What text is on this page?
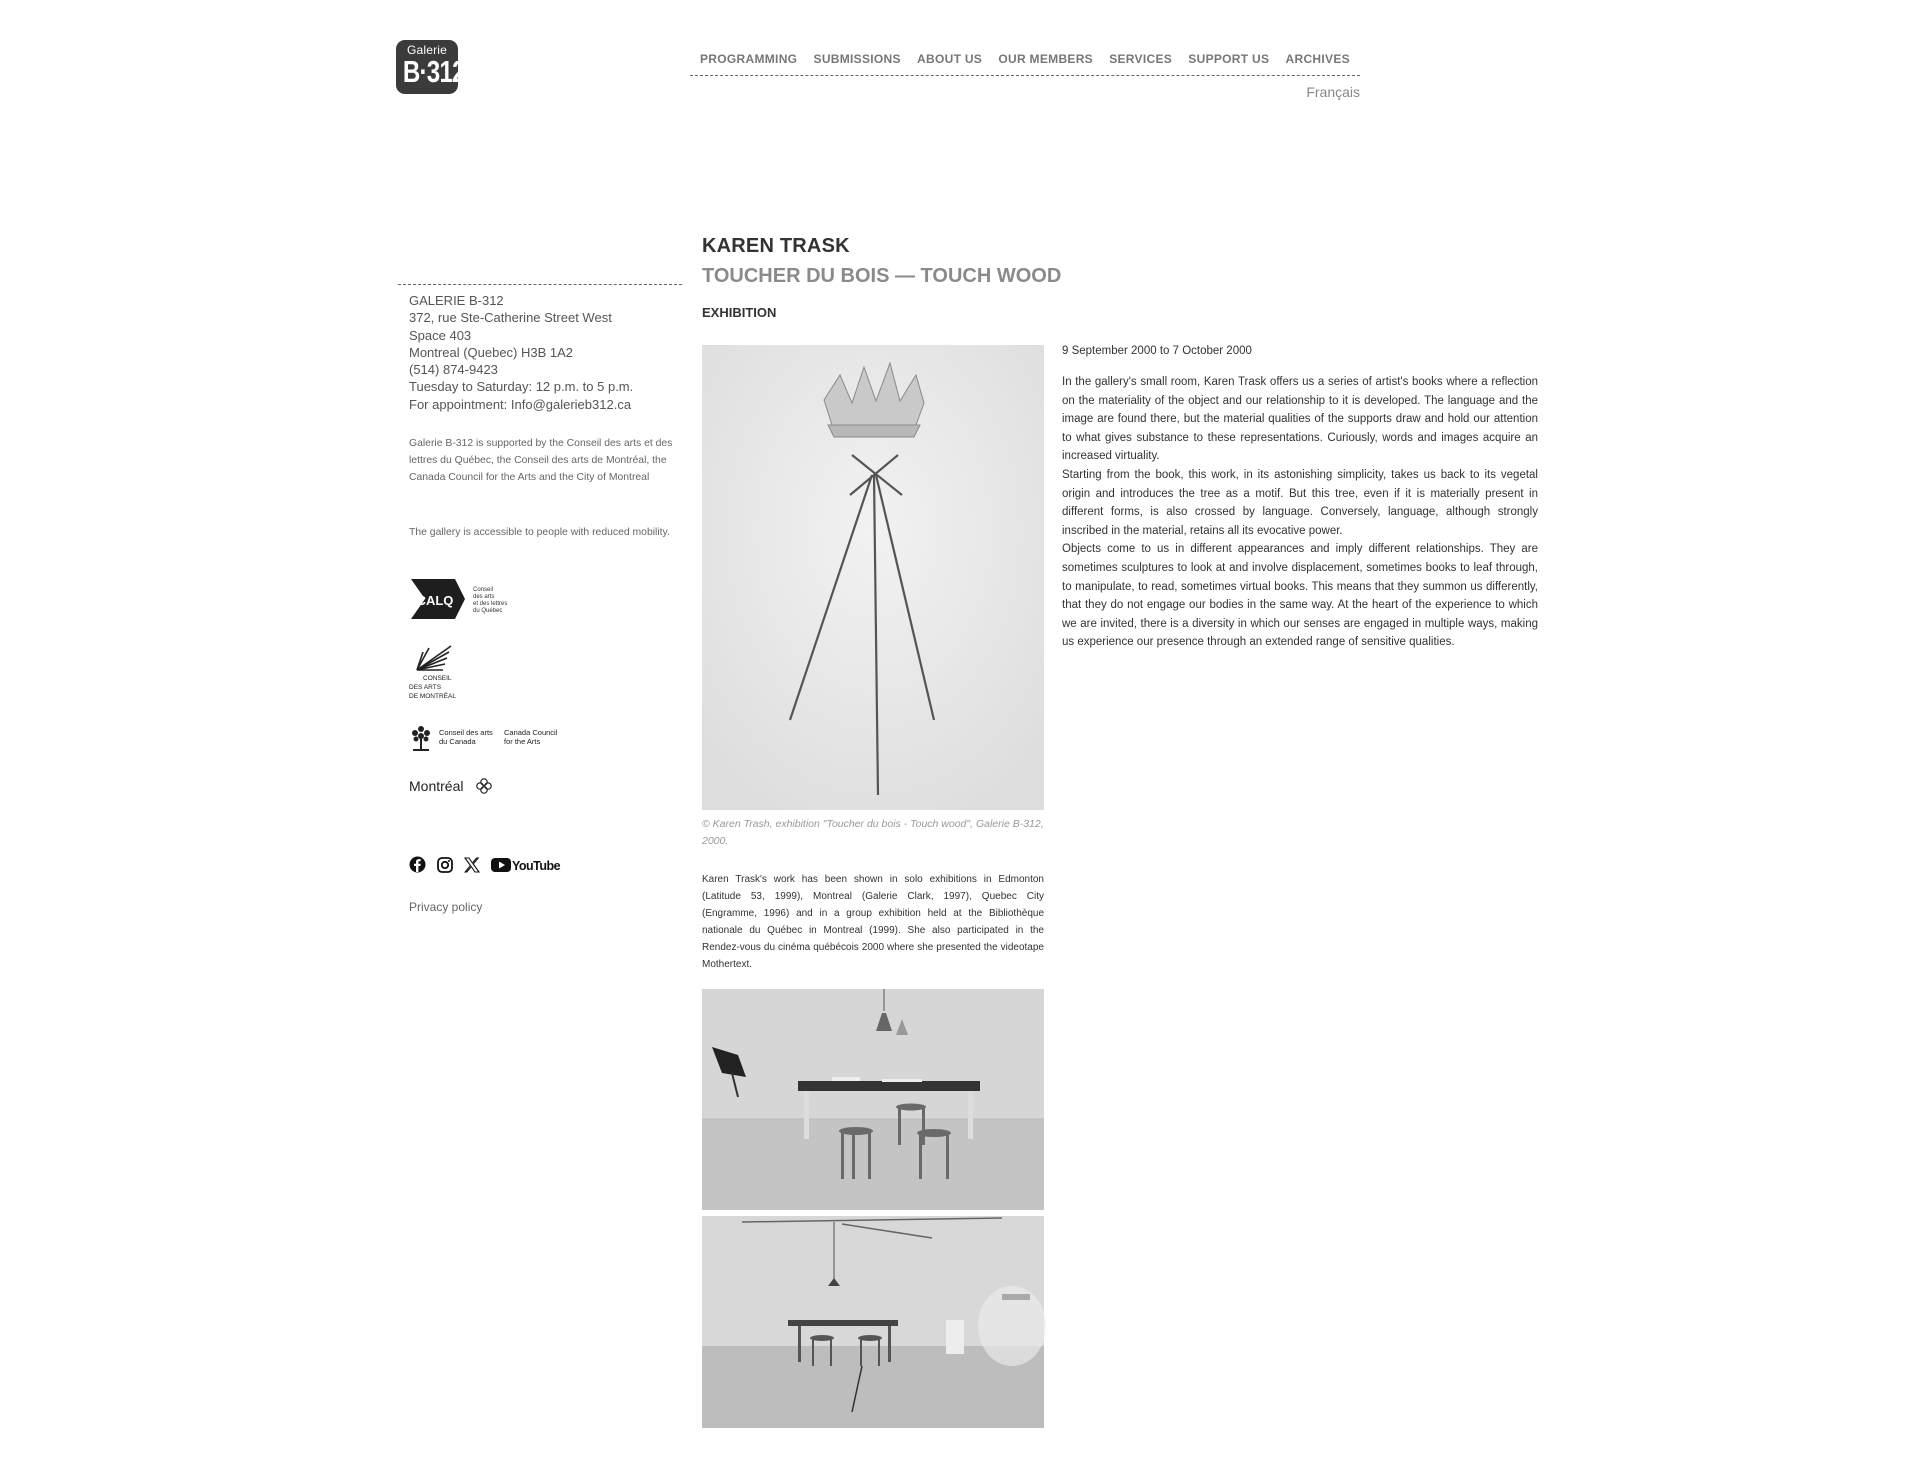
Galerie
B·312	PROGRAMMING SUBMISSIONS ABOUT US OUR MEMBERS SERVICES SUPPORT US ARCHIVES
Français
GALERIE B-312
372, rue Ste-Catherine Street West
Space 403
Montreal (Quebec) H3B 1A2
(514) 874-9423
Tuesday to Saturday: 12 p.m. to 5 p.m.
For appointment: Info@galerieb312.ca
Galerie B-312 is supported by the Conseil des arts et des lettres du Québec, the Conseil des arts de Montréal, the Canada Council for the Arts and the City of Montreal
The gallery is accessible to people with reduced mobility.
CALQ
Conseil
des arts
et des lettres
du Québec
CONSEIL
DES ARTS
DE MONTRÉAL
Conseil des arts
du Canada
Canada Council
for the Arts
Montréal
YouTube
Privacy policy
KAREN TRASK
TOUCHER DU BOIS — TOUCH WOOD
EXHIBITION
© Karen Trash, exhibition "Toucher du bois - Touch wood", Galerie B-312, 2000.
Karen Trask's work has been shown in solo exhibitions in Edmonton (Latitude 53, 1999), Montreal (Galerie Clark, 1997), Quebec City (Engramme, 1996) and in a group exhibition held at the Bibliothèque nationale du Québec in Montreal (1999). She also participated in the Rendez-vous du cinéma québécois 2000 where she presented the videotape Mothertext.
9 September 2000 to 7 October 2000

In the gallery's small room, Karen Trask offers us a series of artist's books where a reflection on the materiality of the object and our relationship to it is developed. The language and the image are found there, but the material qualities of the supports draw and hold our attention to what gives substance to these representations. Curiously, words and images acquire an increased virtuality.

Starting from the book, this work, in its astonishing simplicity, takes us back to its vegetal origin and introduces the tree as a motif. But this tree, even if it is materially present in different forms, is also crossed by language. Conversely, language, although strongly inscribed in the material, retains all its evocative power.

Objects come to us in different appearances and imply different relationships. They are sometimes sculptures to look at and involve displacement, sometimes books to leaf through, to manipulate, to read, sometimes virtual books. This means that they summon us differently, that they do not engage our bodies in the same way. At the heart of the experience to which we are invited, there is a diversity in which our senses are engaged in multiple ways, making us experience our presence through an extended range of sensitive qualities.
